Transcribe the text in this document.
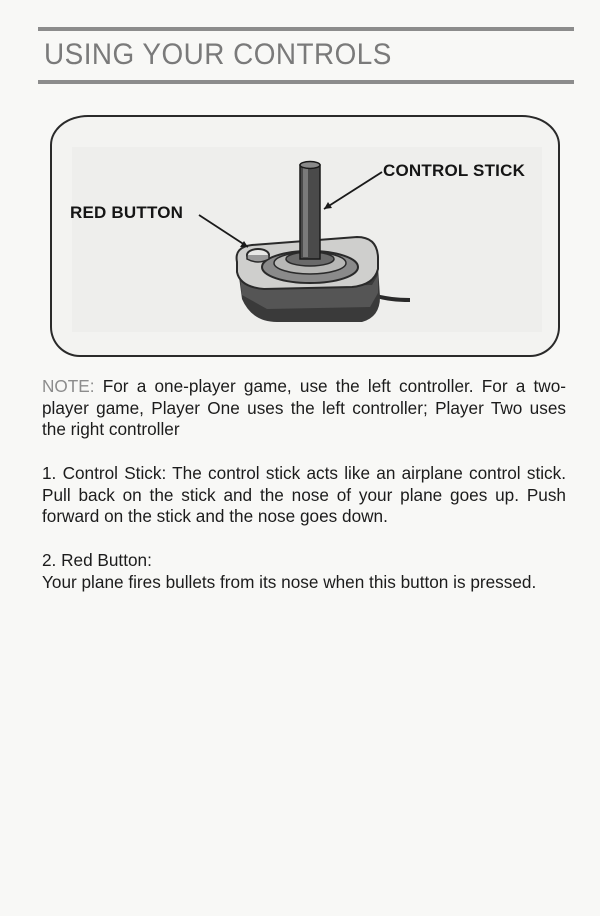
USING YOUR CONTROLS
CONTROL STICK
RED BUTTON

NOTE: For a one-player game, use the left controller. For a two-player game, Player One uses the left controller; Player Two uses the right controller

1. Control Stick: The control stick acts like an airplane control stick. Pull back on the stick and the nose of your plane goes up. Push forward on the stick and the nose goes down.

2. Red Button:
Your plane fires bullets from its nose when this button is pressed.
